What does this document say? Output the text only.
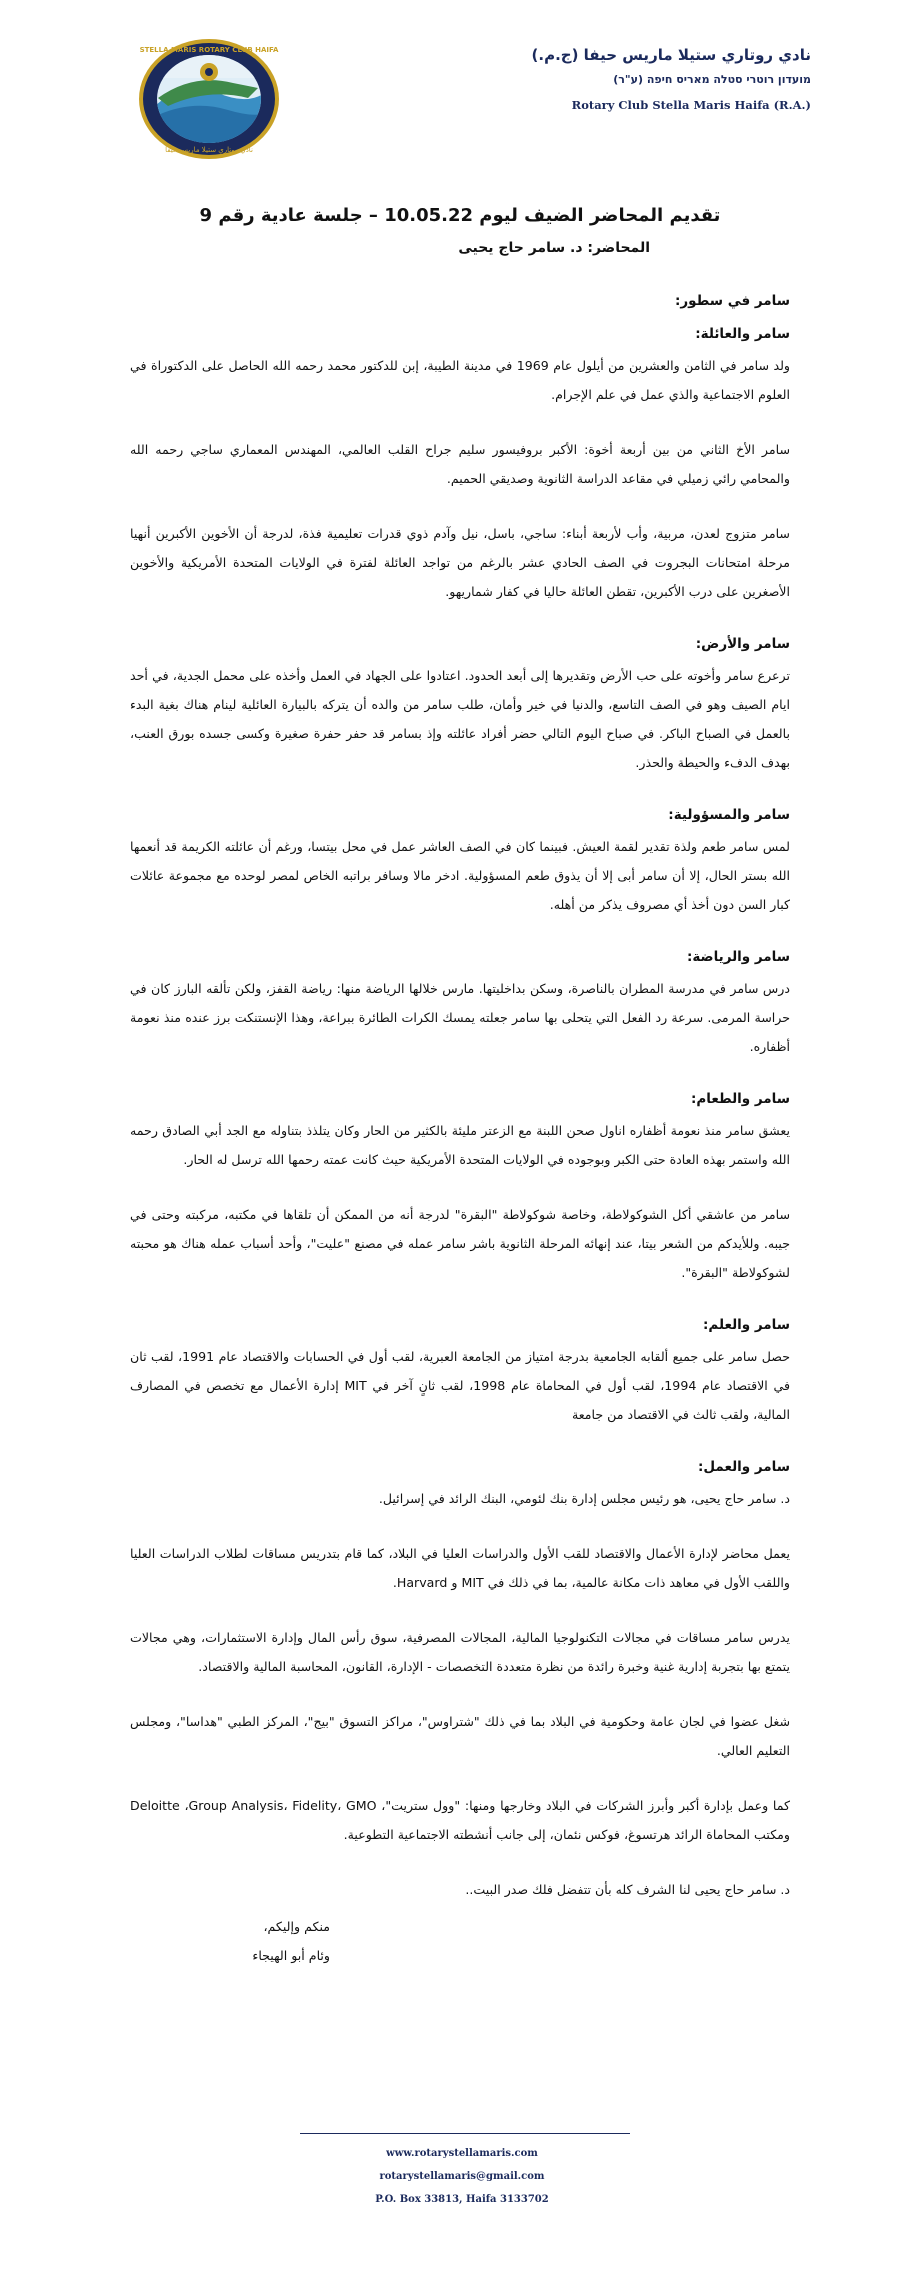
STELLA MARIS ROTARY CLUB HAIFA
نادي روتاري ستيلا ماريس حيفا
نادي روتاري ستيلا ماريس حيفا (ج.م.)
מועדון רוטרי סטלה מאריס חיפה (ע"ר)
Rotary Club Stella Maris Haifa (R.A.)
تقديم المحاضر الضيف ليوم 10.05.22 – جلسة عادية رقم 9
المحاضر: د. سامر حاج يحيى
سامر في سطور:
سامر والعائلة:
ولد سامر في الثامن والعشرين من أيلول عام 1969 في مدينة الطيبة، إبن للدكتور محمد رحمه الله الحاصل على الدكتوراة في العلوم الاجتماعية والذي عمل في علم الإجرام.
سامر الأخ الثاني من بين أربعة أخوة: الأكبر بروفيسور سليم جراح القلب العالمي، المهندس المعماري ساجي رحمه الله والمحامي رائي زميلي في مقاعد الدراسة الثانوية وصديقي الحميم.
سامر متزوج لعدن، مربية، وأب لأربعة أبناء: ساجي، باسل، نيل وآدم ذوي قدرات تعليمية فذة، لدرجة أن الأخوين الأكبرين أنهيا مرحلة امتحانات البجروت في الصف الحادي عشر بالرغم من تواجد العائلة لفترة في الولايات المتحدة الأمريكية والأخوين الأصغرين على درب الأكبرين، تقطن العائلة حاليا في كفار شماريهو.
سامر والأرض:
ترعرع سامر وأخوته على حب الأرض وتقديرها إلى أبعد الحدود. اعتادوا على الجهاد في العمل وأخذه على محمل الجدية، في أحد ايام الصيف وهو في الصف التاسع، والدنيا في خير وأمان، طلب سامر من والده أن يتركه بالبيارة العائلية لينام هناك بغية البدء بالعمل في الصباح الباكر. في صباح اليوم التالي حضر أفراد عائلته وإذ بسامر قد حفر حفرة صغيرة وكسى جسده بورق العنب، بهدف الدفء والحيطة والحذر.
سامر والمسؤولية:
لمس سامر طعم ولذة تقدير لقمة العيش. فبينما كان في الصف العاشر عمل في محل بيتسا، ورغم أن عائلته الكريمة قد أنعمها الله بستر الحال، إلا أن سامر أبى إلا أن يذوق طعم المسؤولية. ادخر مالا وسافر براتبه الخاص لمصر لوحده مع مجموعة عائلات كبار السن دون أخذ أي مصروف يذكر من أهله.
سامر والرياضة:
درس سامر في مدرسة المطران بالناصرة، وسكن بداخليتها. مارس خلالها الرياضة منها: رياضة القفز، ولكن تألقه البارز كان في حراسة المرمى. سرعة رد الفعل التي يتحلى بها سامر جعلته يمسك الكرات الطائرة ببراعة، وهذا الإنستنكت برز عنده منذ نعومة أظفاره.
سامر والطعام:
يعشق سامر منذ نعومة أظفاره اناول صحن اللبنة مع الزعتر مليئة بالكثير من الحار وكان يتلذذ بتناوله مع الجد أبي الصادق رحمه الله واستمر بهذه العادة حتى الكبر وبوجوده في الولايات المتحدة الأمريكية حيث كانت عمته رحمها الله ترسل له الحار.
سامر من عاشقي أكل الشوكولاطة، وخاصة شوكولاطة "البقرة" لدرجة أنه من الممكن أن تلقاها في مكتبه، مركبته وحتى في جيبه. وللأيدكم من الشعر بيتا، عند إنهائه المرحلة الثانوية باشر سامر عمله في مصنع "عليت"، وأحد أسباب عمله هناك هو محبته لشوكولاطة "البقرة".
سامر والعلم:
حصل سامر على جميع ألقابه الجامعية بدرجة امتياز من الجامعة العبرية، لقب أول في الحسابات والاقتصاد عام 1991، لقب ثان في الاقتصاد عام 1994، لقب أول في المحاماة عام 1998، لقب ثانٍ آخر في MIT إدارة الأعمال مع تخصص في المصارف المالية، ولقب ثالث في الاقتصاد من جامعة
سامر والعمل:
د. سامر حاج يحيى، هو رئيس مجلس إدارة بنك لئومي، البنك الرائد في إسرائيل.
يعمل محاضر لإدارة الأعمال والاقتصاد للقب الأول والدراسات العليا في البلاد، كما قام بتدريس مساقات لطلاب الدراسات العليا واللقب الأول في معاهد ذات مكانة عالمية، بما في ذلك في MIT و Harvard.
يدرس سامر مساقات في مجالات التكنولوجيا المالية، المجالات المصرفية، سوق رأس المال وإدارة الاستثمارات، وهي مجالات يتمتع بها بتجربة إدارية غنية وخبرة رائدة من نظرة متعددة التخصصات - الإدارة، القانون، المحاسبة المالية والاقتصاد.
شغل عضوا في لجان عامة وحكومية في البلاد بما في ذلك "شتراوس"، مراكز التسوق "بيج"، المركز الطبي "هداسا"، ومجلس التعليم العالي.
كما وعمل بإدارة أكبر وأبرز الشركات في البلاد وخارجها ومنها: "وول ستريت"، Deloitte ،Group Analysis، Fidelity، GMO ومكتب المحاماة الرائد هرتسوغ، فوكس نئمان، إلى جانب أنشطته الاجتماعية التطوعية.
د. سامر حاج يحيى لنا الشرف كله بأن تتفضل فلك صدر البيت..
منكم وإليكم،
وئام أبو الهيجاء
www.rotarystellamaris.com
rotarystellamaris@gmail.com
P.O. Box 33813, Haifa 3133702
